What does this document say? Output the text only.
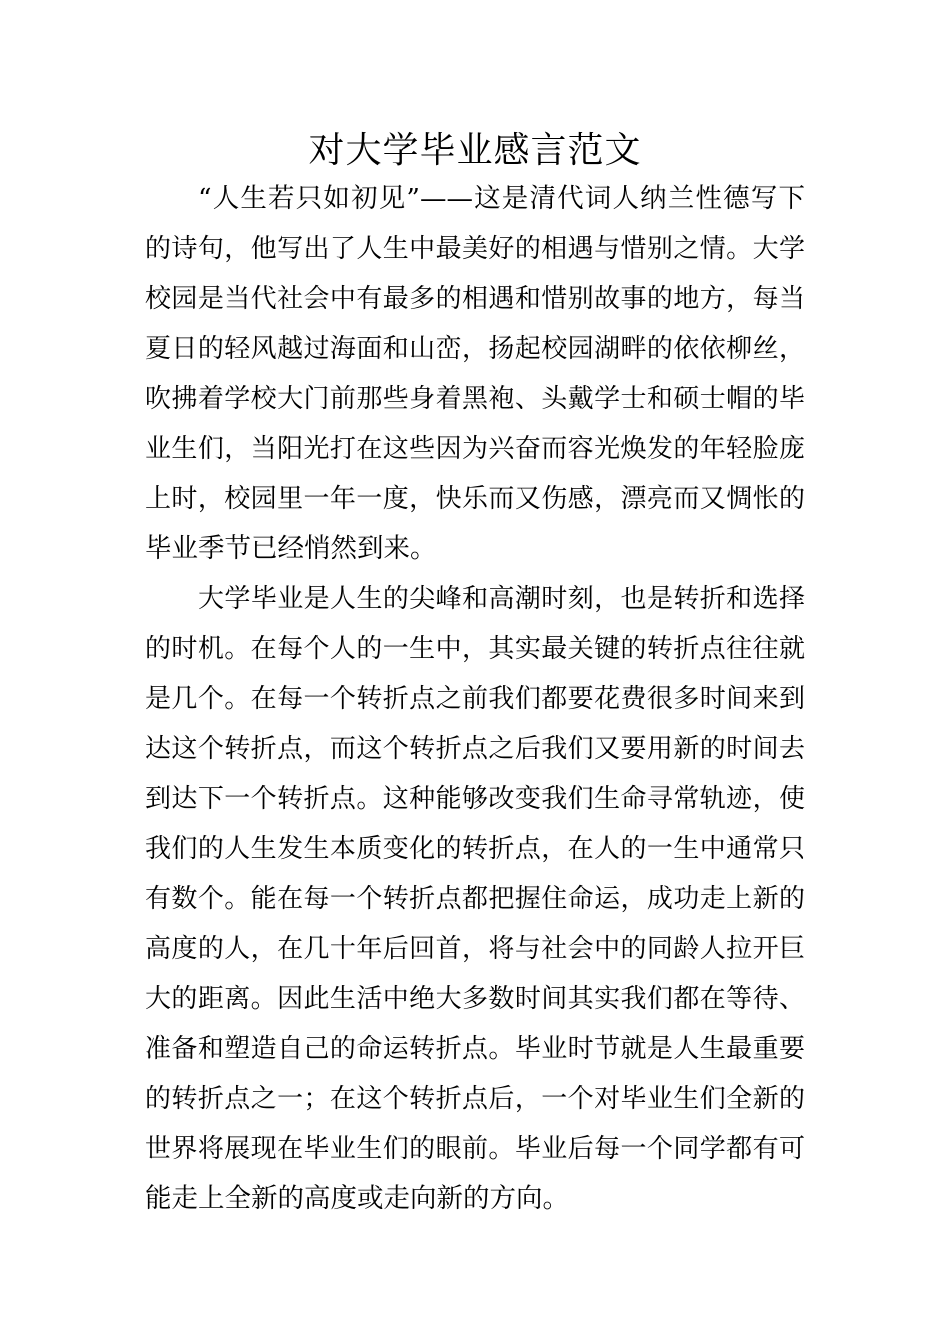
对大学毕业感言范文
“人生若只如初见”——这是清代词人纳兰性德写下
的诗句，他写出了人生中最美好的相遇与惜别之情。大学
校园是当代社会中有最多的相遇和惜别故事的地方，每当
夏日的轻风越过海面和山峦，扬起校园湖畔的依依柳丝，
吹拂着学校大门前那些身着黑袍、头戴学士和硕士帽的毕
业生们，当阳光打在这些因为兴奋而容光焕发的年轻脸庞
上时，校园里一年一度，快乐而又伤感，漂亮而又惆怅的
毕业季节已经悄然到来。
大学毕业是人生的尖峰和高潮时刻，也是转折和选择
的时机。在每个人的一生中，其实最关键的转折点往往就
是几个。在每一个转折点之前我们都要花费很多时间来到
达这个转折点，而这个转折点之后我们又要用新的时间去
到达下一个转折点。这种能够改变我们生命寻常轨迹，使
我们的人生发生本质变化的转折点，在人的一生中通常只
有数个。能在每一个转折点都把握住命运，成功走上新的
高度的人，在几十年后回首，将与社会中的同龄人拉开巨
大的距离。因此生活中绝大多数时间其实我们都在等待、
准备和塑造自己的命运转折点。毕业时节就是人生最重要
的转折点之一；在这个转折点后，一个对毕业生们全新的
世界将展现在毕业生们的眼前。毕业后每一个同学都有可
能走上全新的高度或走向新的方向。
